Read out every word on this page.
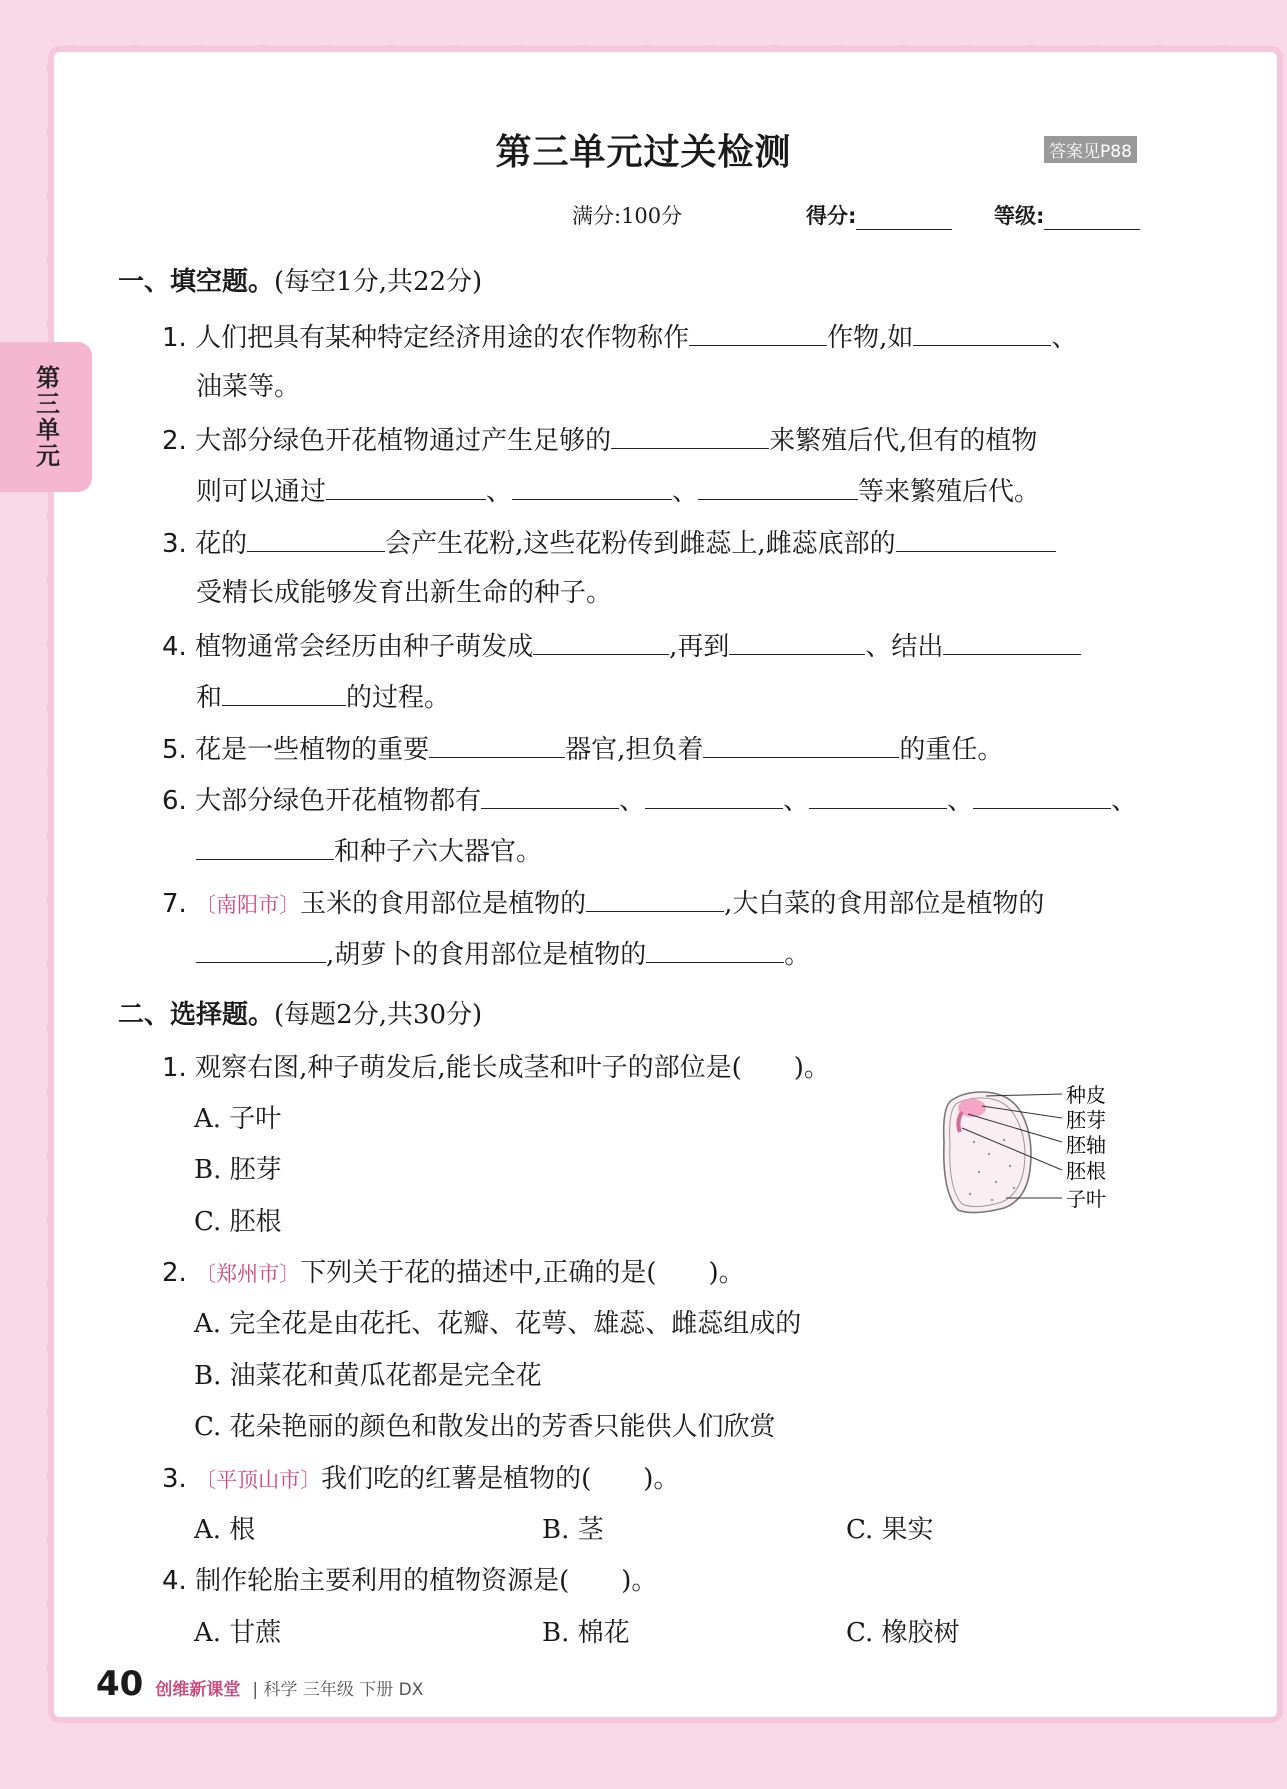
第三单元
第三单元过关检测	答案见P88
满分:100分	得分:	等级:
一、填空题。(每空1分,共22分)
1. 人们把具有某种特定经济用途的农作物称作	作物,如	、
油菜等。
2. 大部分绿色开花植物通过产生足够的	来繁殖后代,但有的植物
则可以通过	、	、	等来繁殖后代。
3. 花的	会产生花粉,这些花粉传到雌蕊上,雌蕊底部的
受精长成能够发育出新生命的种子。
4. 植物通常会经历由种子萌发成	,再到	、结出
和	的过程。
5. 花是一些植物的重要	器官,担负着	的重任。
6. 大部分绿色开花植物都有	、	、	、	、
和种子六大器官。
7. 〔南阳市〕玉米的食用部位是植物的	,大白菜的食用部位是植物的
,胡萝卜的食用部位是植物的	。
二、选择题。(每题2分,共30分)
1. 观察右图,种子萌发后,能长成茎和叶子的部位是( )。
A. 子叶
B. 胚芽
C. 胚根
种皮
胚芽
胚轴
胚根
子叶
2. 〔郑州市〕下列关于花的描述中,正确的是( )。
A. 完全花是由花托、花瓣、花萼、雄蕊、雌蕊组成的
B. 油菜花和黄瓜花都是完全花
C. 花朵艳丽的颜色和散发出的芳香只能供人们欣赏
3. 〔平顶山市〕我们吃的红薯是植物的( )。
A. 根	B. 茎	C. 果实
4. 制作轮胎主要利用的植物资源是( )。
A. 甘蔗	B. 棉花	C. 橡胶树
40 创维新课堂 | 科学 三年级 下册 DX
